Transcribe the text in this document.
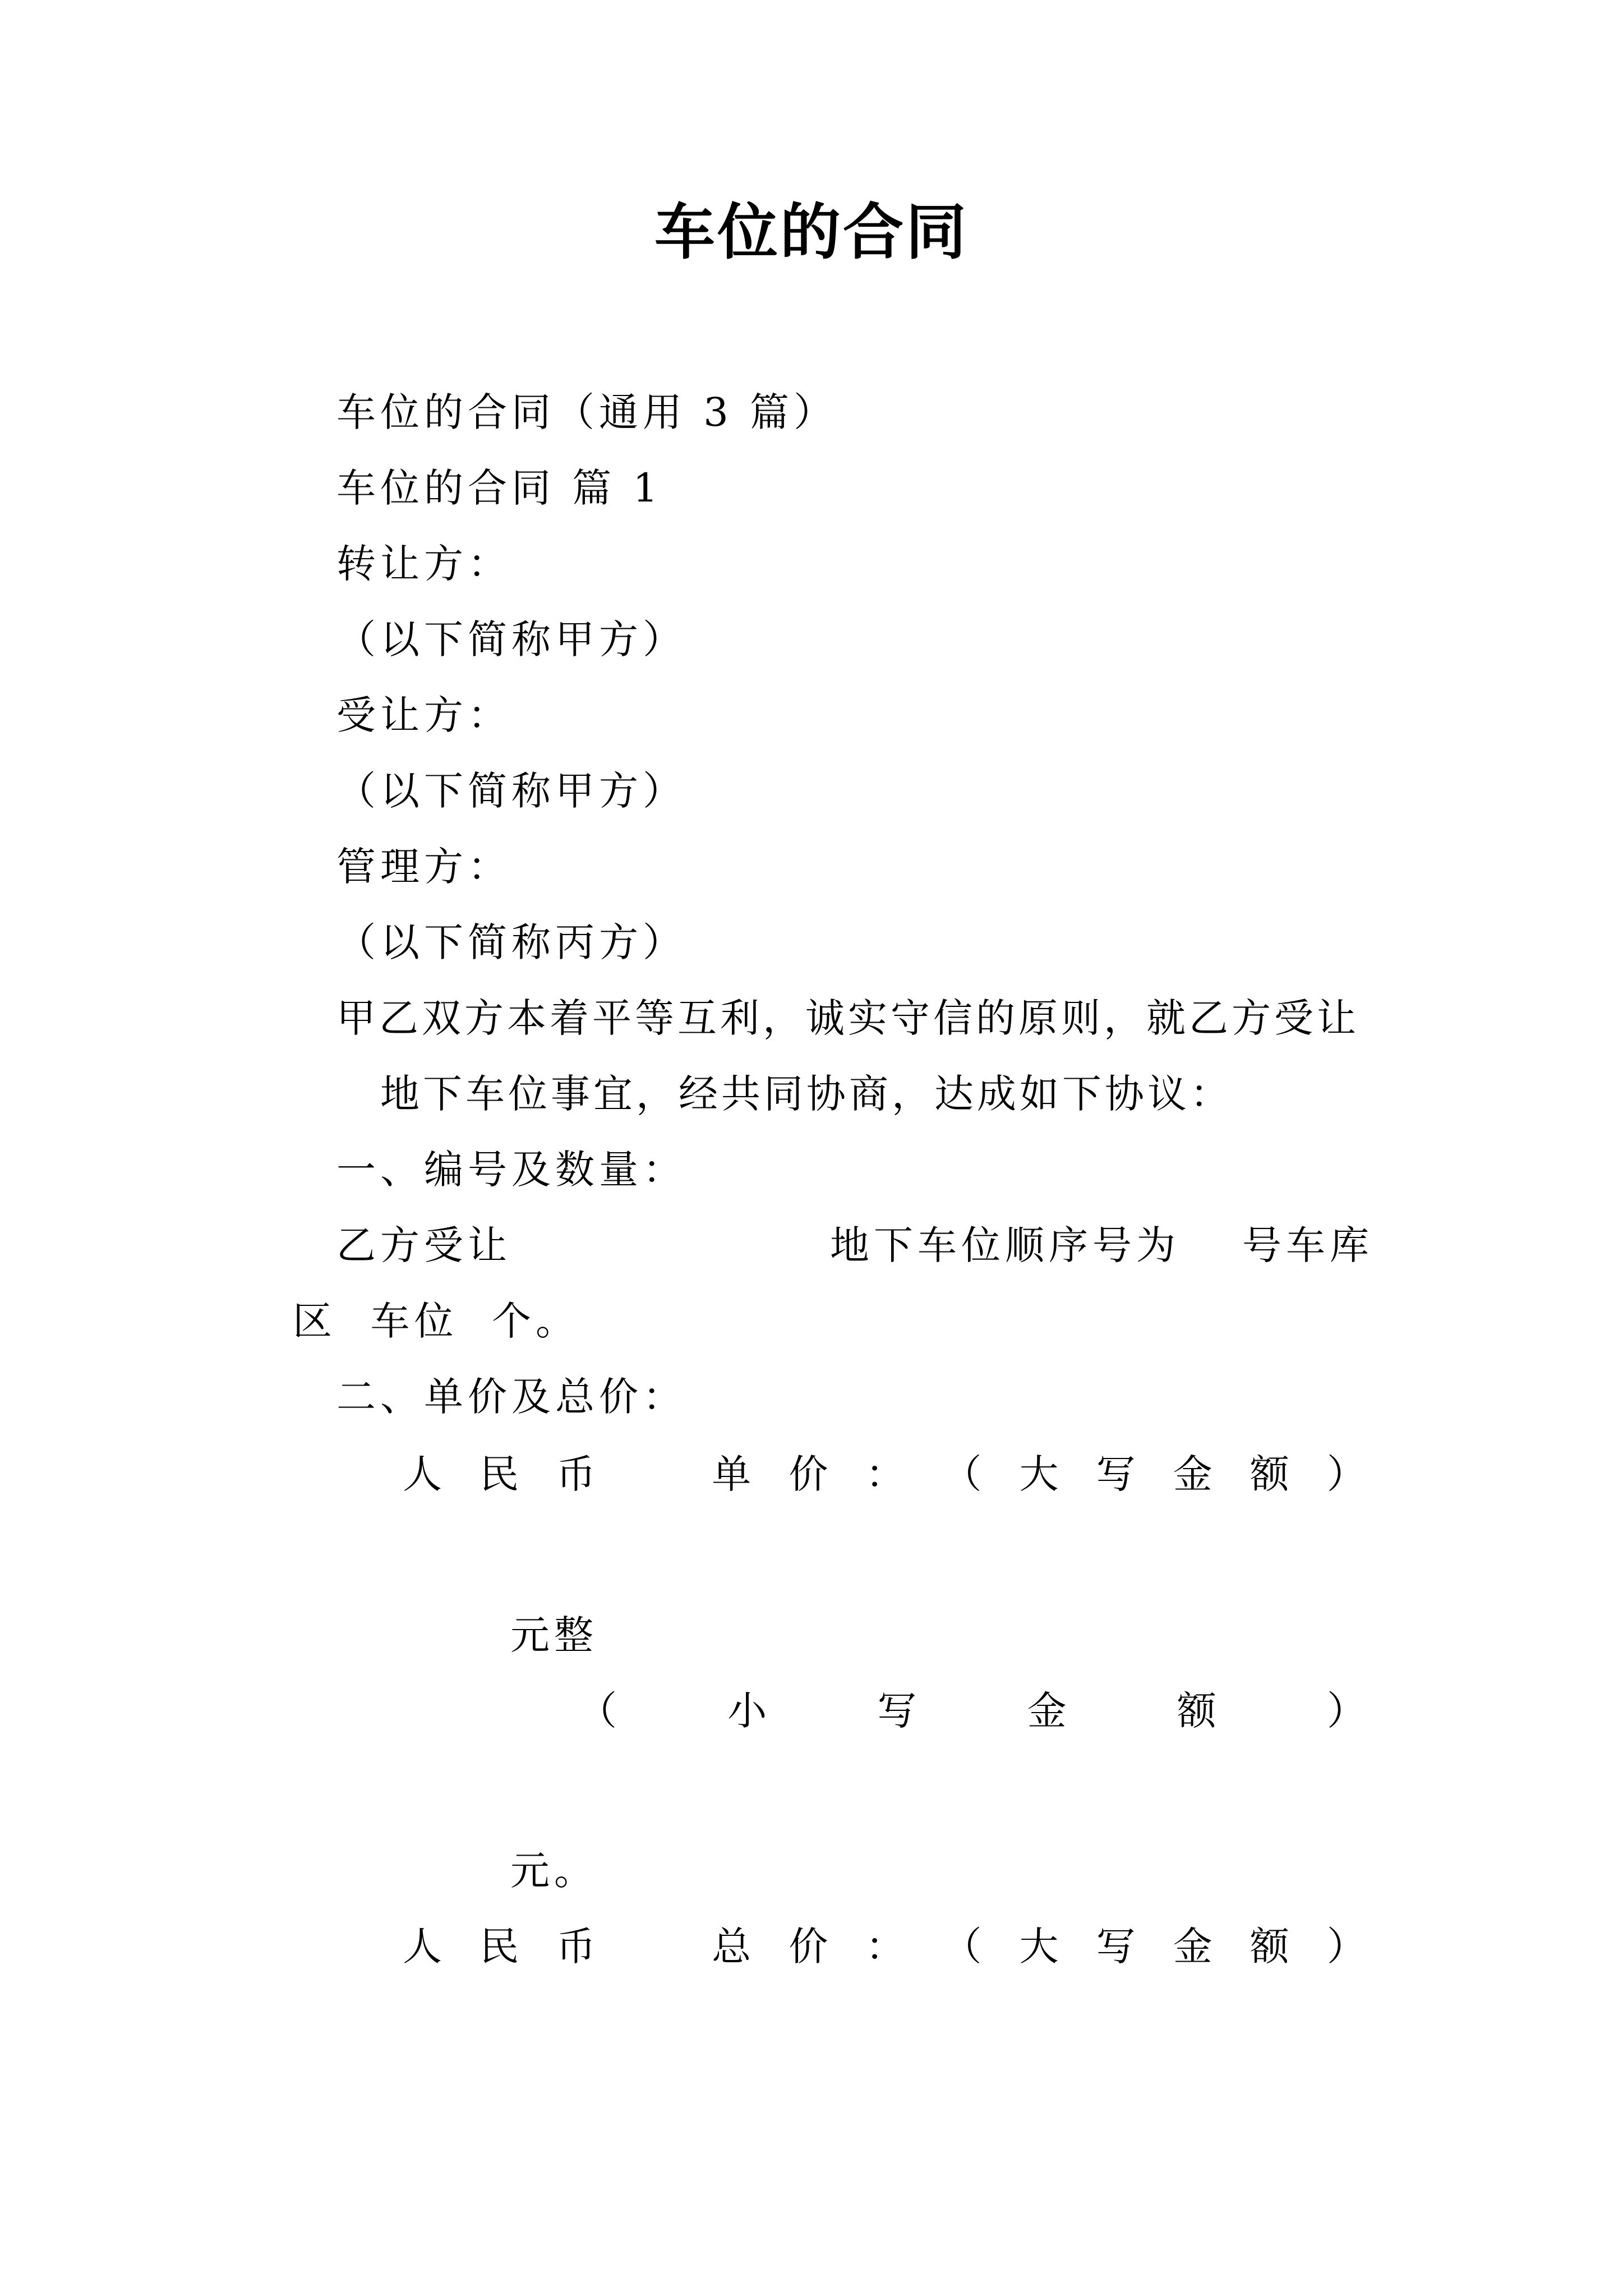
车位的合同
车位的合同（通用 3 篇）
车位的合同 篇 1
转让方：
（以下简称甲方）
受让方：
（以下简称甲方）
管理方：
（以下简称丙方）
甲乙双方本着平等互利，诚实守信的原则，就乙方受让
地下车位事宜，经共同协商，达成如下协议：
一、编号及数量：
乙方受让	地下车位顺序号为 号车库
区  车位  个。
二、单价及总价：
人 民 币	单 价 ： （ 大 写 金 额 ）
元整
（	小	写	金	额	）
元。
人 民 币	总 价 ： （ 大 写 金 额 ）
